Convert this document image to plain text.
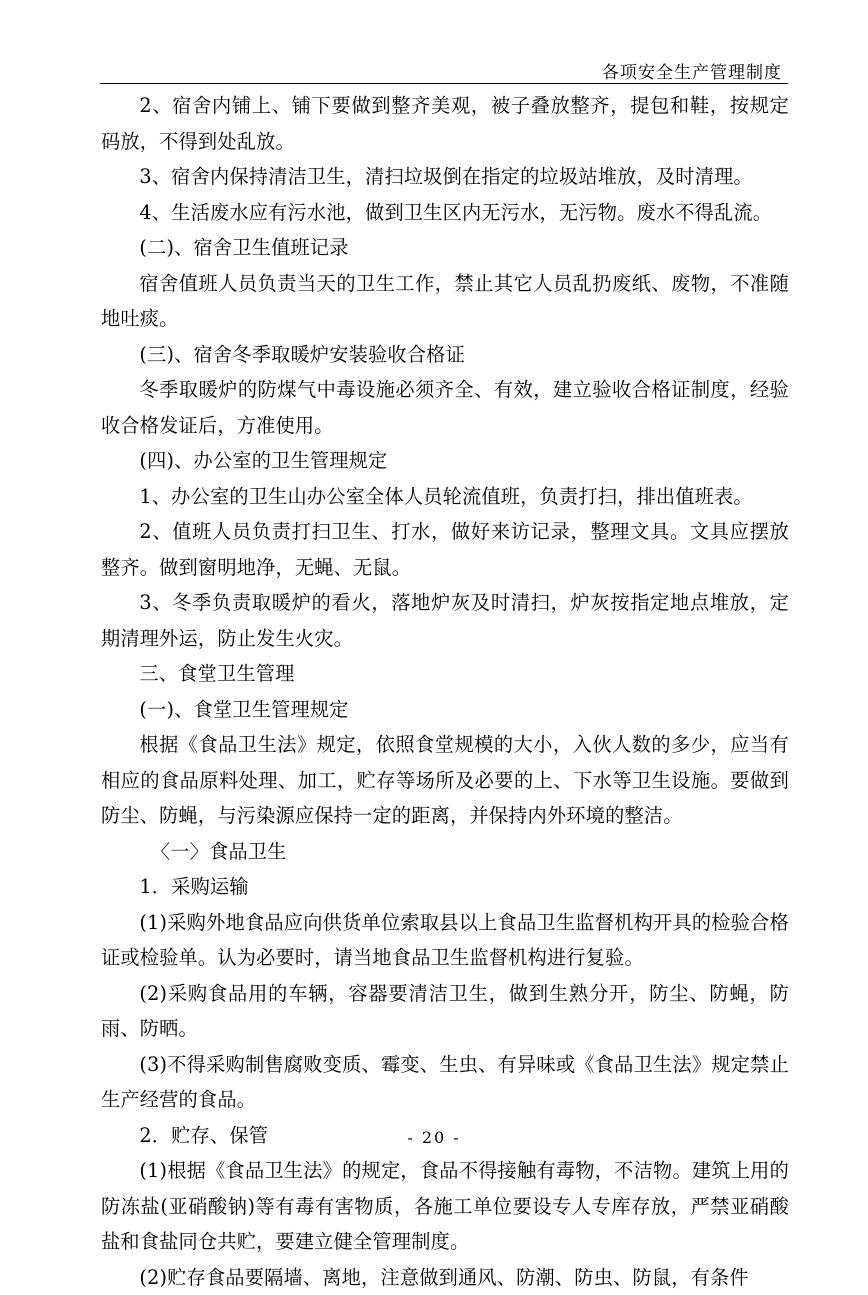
各项安全生产管理制度

2、宿舍内铺上、铺下要做到整齐美观，被子叠放整齐，提包和鞋，按规定码放，不得到处乱放。

3、宿舍内保持清洁卫生，清扫垃圾倒在指定的垃圾站堆放，及时清理。

4、生活废水应有污水池，做到卫生区内无污水，无污物。废水不得乱流。

(二)、宿舍卫生值班记录

宿舍值班人员负责当天的卫生工作，禁止其它人员乱扔废纸、废物，不准随地吐痰。

(三)、宿舍冬季取暖炉安装验收合格证

冬季取暖炉的防煤气中毒设施必须齐全、有效，建立验收合格证制度，经验收合格发证后，方准使用。

(四)、办公室的卫生管理规定

1、办公室的卫生山办公室全体人员轮流值班，负责打扫，排出值班表。

2、值班人员负责打扫卫生、打水，做好来访记录，整理文具。文具应摆放整齐。做到窗明地净，无蝇、无鼠。

3、冬季负责取暖炉的看火，落地炉灰及时清扫，炉灰按指定地点堆放，定期清理外运，防止发生火灾。

三、食堂卫生管理

(一)、食堂卫生管理规定

根据《食品卫生法》规定，依照食堂规模的大小，入伙人数的多少，应当有相应的食品原料处理、加工，贮存等场所及必要的上、下水等卫生设施。要做到防尘、防蝇，与污染源应保持一定的距离，并保持内外环境的整洁。

〈一〉食品卫生

1．采购运输

(1)采购外地食品应向供货单位索取县以上食品卫生监督机构开具的检验合格证或检验单。认为必要时，请当地食品卫生监督机构进行复验。

(2)采购食品用的车辆，容器要清洁卫生，做到生熟分开，防尘、防蝇，防雨、防晒。

(3)不得采购制售腐败变质、霉变、生虫、有异味或《食品卫生法》规定禁止生产经营的食品。

2．贮存、保管

(1)根据《食品卫生法》的规定，食品不得接触有毒物，不洁物。建筑上用的防冻盐(亚硝酸钠)等有毒有害物质，各施工单位要设专人专库存放，严禁亚硝酸盐和食盐同仓共贮，要建立健全管理制度。

(2)贮存食品要隔墙、离地，注意做到通风、防潮、防虫、防鼠，有条件

- 20 -
